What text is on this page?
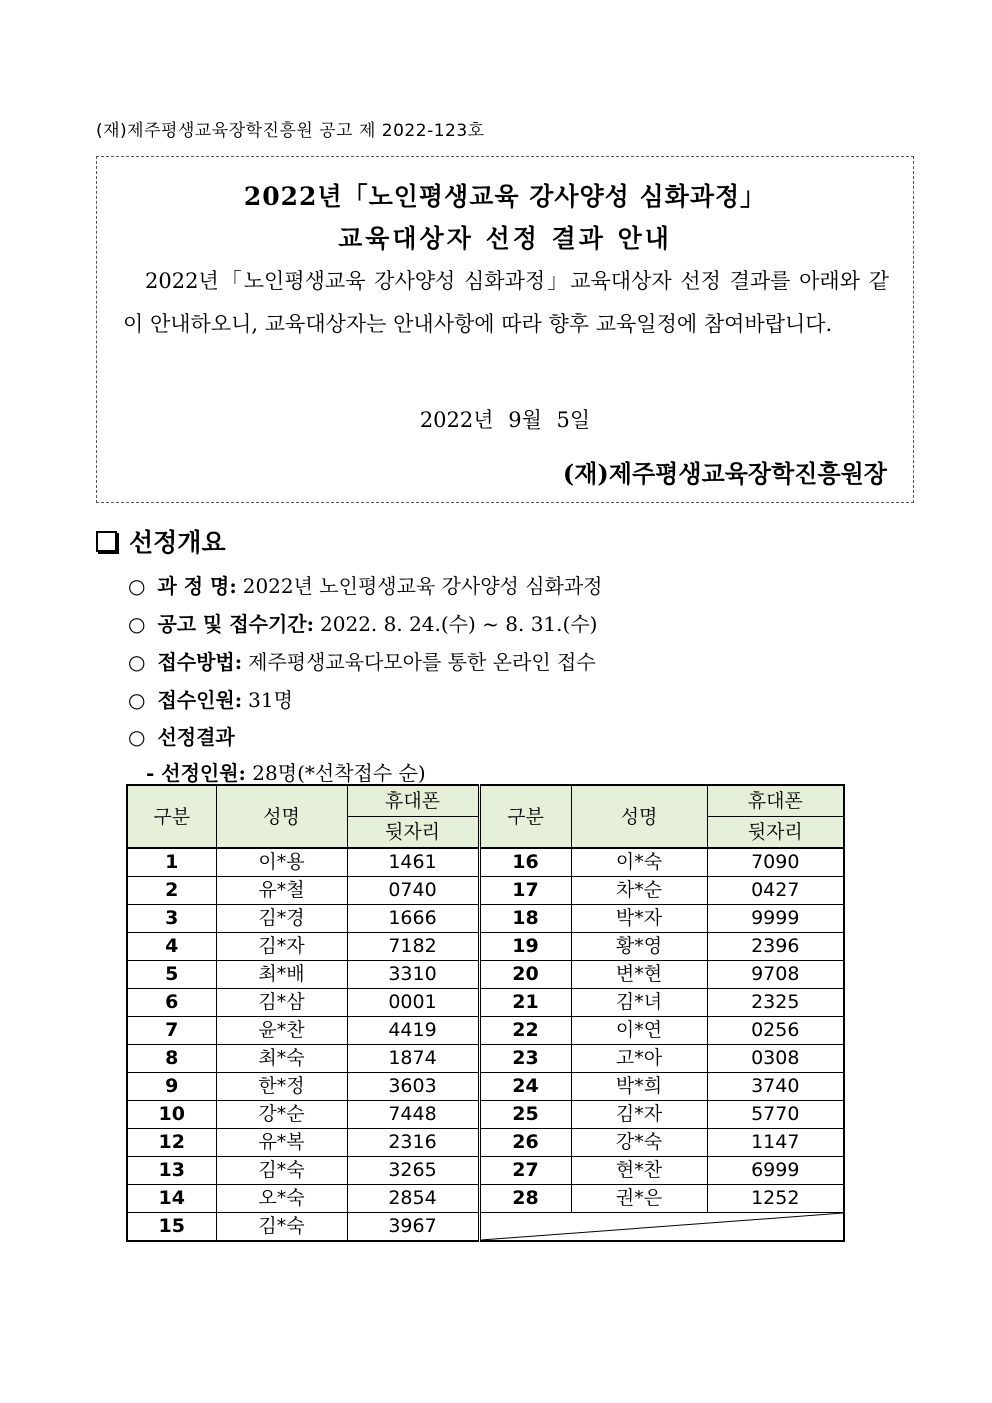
(재)제주평생교육장학진흥원 공고 제 2022-123호
2022년「노인평생교육 강사양성 심화과정」
교육대상자 선정 결과 안내
2022년「노인평생교육 강사양성 심화과정」교육대상자 선정 결과를 아래와 같이 안내하오니, 교육대상자는 안내사항에 따라 향후 교육일정에 참여바랍니다.
2022년 9월 5일
(재)제주평생교육장학진흥원장
선정개요
○ 과 정 명: 2022년 노인평생교육 강사양성 심화과정
○ 공고 및 접수기간: 2022. 8. 24.(수) ~ 8. 31.(수)
○ 접수방법: 제주평생교육다모아를 통한 온라인 접수
○ 접수인원: 31명
○ 선정결과
- 선정인원: 28명(*선착접수 순)
구분	성명	휴대폰	구분	성명	휴대폰
		뒷자리			뒷자리
1	이*용	1461	16	이*숙	7090
2	유*철	0740	17	차*순	0427
3	김*경	1666	18	박*자	9999
4	김*자	7182	19	황*영	2396
5	최*배	3310	20	변*현	9708
6	김*삼	0001	21	김*녀	2325
7	윤*찬	4419	22	이*연	0256
8	최*숙	1874	23	고*아	0308
9	한*정	3603	24	박*희	3740
10	강*순	7448	25	김*자	5770
12	유*복	2316	26	강*숙	1147
13	김*숙	3265	27	현*찬	6999
14	오*숙	2854	28	권*은	1252
15	김*숙	3967	
